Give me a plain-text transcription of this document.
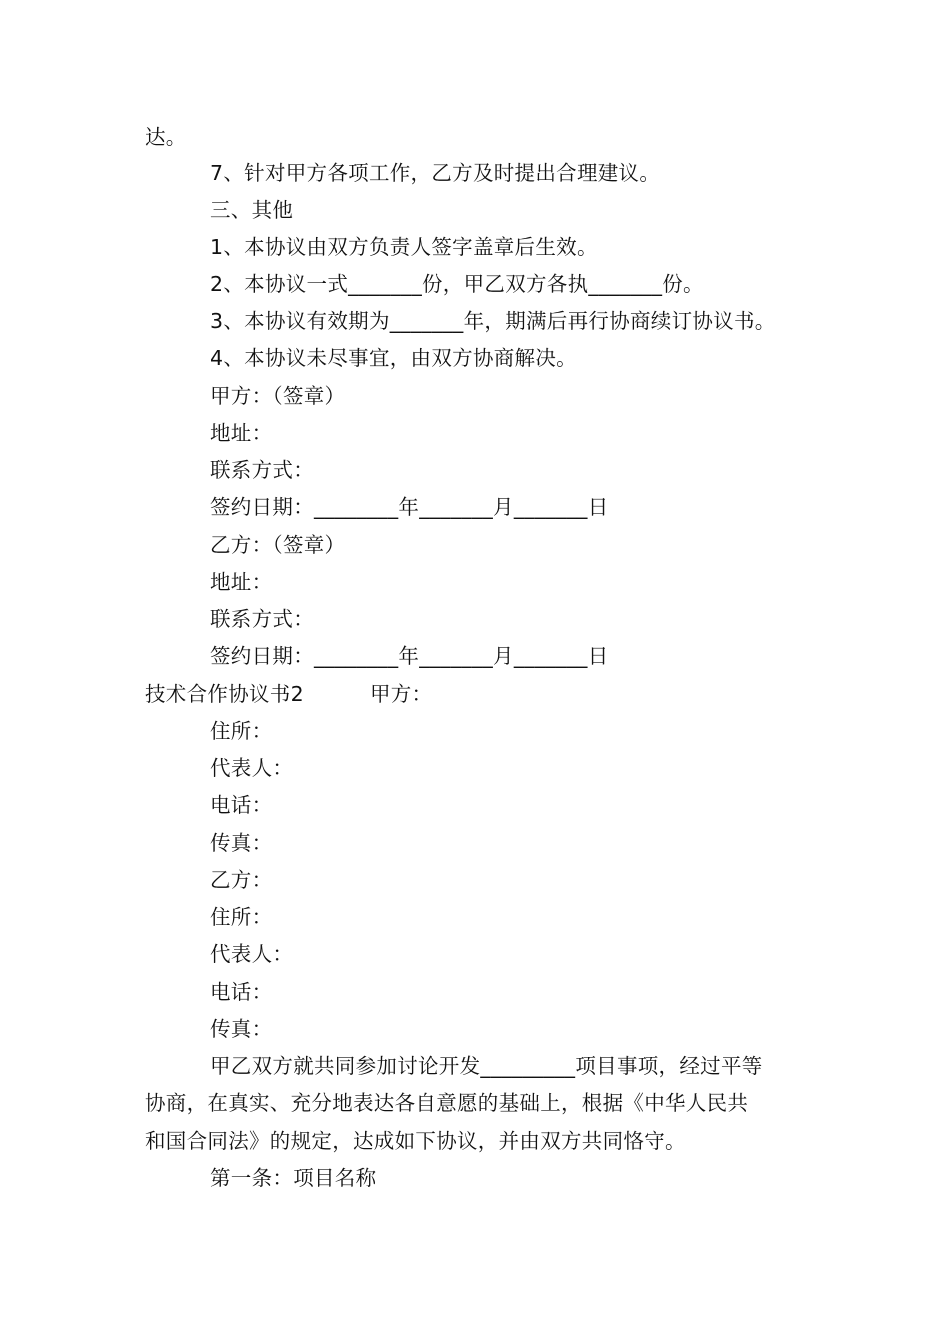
达。
7、针对甲方各项工作，乙方及时提出合理建议。
三、其他
1、本协议由双方负责人签字盖章后生效。
2、本协议一式_______份，甲乙双方各执_______份。
3、本协议有效期为_______年，期满后再行协商续订协议书。
4、本协议未尽事宜，由双方协商解决。
甲方：（签章）
地址：
联系方式：
签约日期：________年_______月_______日
乙方：（签章）
地址：
联系方式：
签约日期：________年_______月_______日
技术合作协议书2	甲方：
住所：
代表人：
电话：
传真：
乙方：
住所：
代表人：
电话：
传真：
甲乙双方就共同参加讨论开发_________项目事项，经过平等
协商，在真实、充分地表达各自意愿的基础上，根据《中华人民共
和国合同法》的规定，达成如下协议，并由双方共同恪守。
第一条：项目名称
